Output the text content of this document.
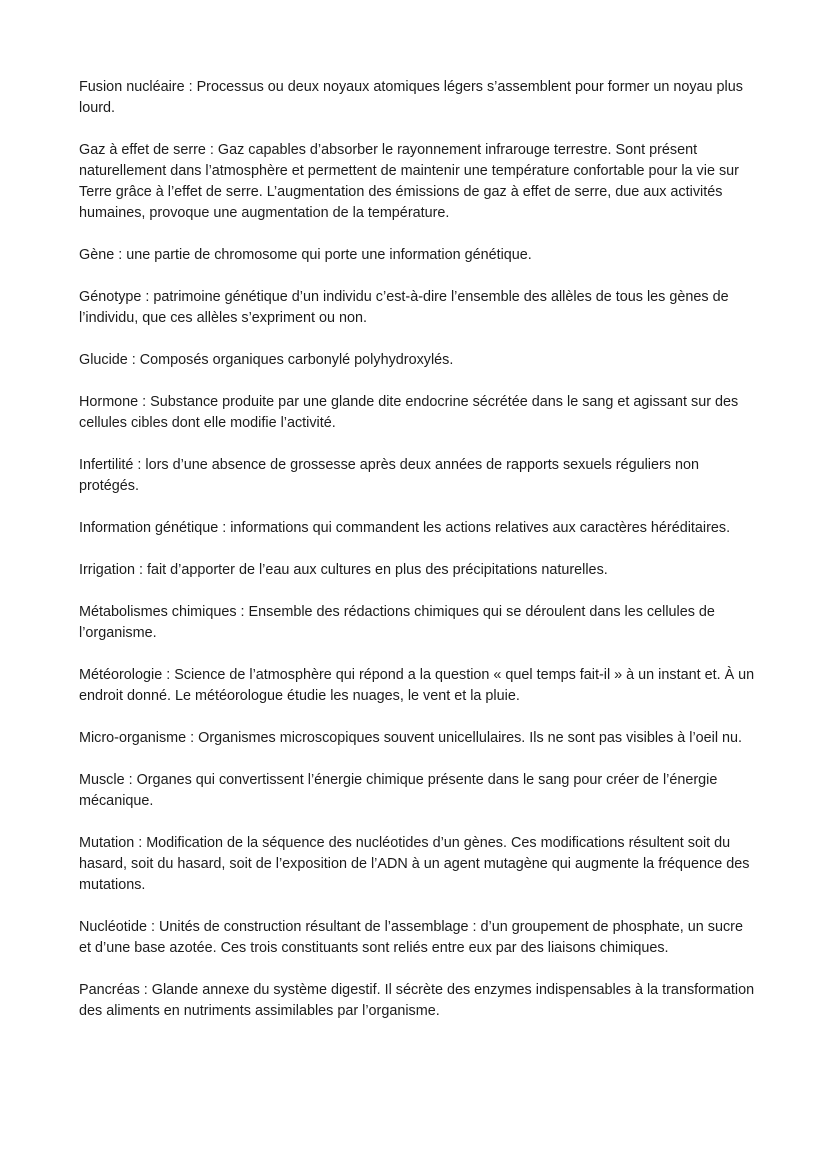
Fusion nucléaire : Processus ou deux noyaux atomiques légers s’assemblent pour former un noyau plus lourd.

Gaz à effet de serre : Gaz capables d’absorber le rayonnement infrarouge terrestre. Sont présent naturellement dans l’atmosphère et permettent de maintenir une température confortable pour la vie sur Terre grâce à l’effet de serre. L’augmentation des émissions de gaz à effet de serre, due aux activités humaines, provoque une augmentation de la température.

Gène : une partie de chromosome qui porte une information génétique.

Génotype : patrimoine génétique d’un individu c’est-à-dire l’ensemble des allèles de tous les gènes de l’individu, que ces allèles s’expriment ou non.

Glucide : Composés organiques carbonylé polyhydroxylés.

Hormone : Substance produite par une glande dite endocrine sécrétée dans le sang et agissant sur des cellules cibles dont elle modifie l’activité.

Infertilité : lors d’une absence de grossesse après deux années de rapports sexuels réguliers non protégés.

Information génétique : informations qui commandent les actions relatives aux caractères héréditaires.

Irrigation : fait d’apporter de l’eau aux cultures en plus des précipitations naturelles.

Métabolismes chimiques : Ensemble des rédactions chimiques qui se déroulent dans les cellules de l’organisme.

Météorologie : Science de l’atmosphère qui répond a la question « quel temps fait-il » à un instant et. À un endroit donné. Le météorologue étudie les nuages, le vent et la pluie.

Micro-organisme : Organismes microscopiques souvent unicellulaires. Ils ne sont pas visibles à l’oeil nu.

Muscle : Organes qui convertissent l’énergie chimique présente dans le sang pour créer de l’énergie mécanique.

Mutation : Modification de la séquence des nucléotides d’un gènes. Ces modifications résultent soit du hasard, soit du hasard, soit de l’exposition de l’ADN à un agent mutagène qui augmente la fréquence des mutations.

Nucléotide : Unités de construction résultant de l’assemblage : d’un groupement de phosphate, un sucre et d’une base azotée. Ces trois constituants sont reliés entre eux par des liaisons chimiques.

Pancréas : Glande annexe du système digestif. Il sécrète des enzymes indispensables à la transformation des aliments en nutriments assimilables par l’organisme.
